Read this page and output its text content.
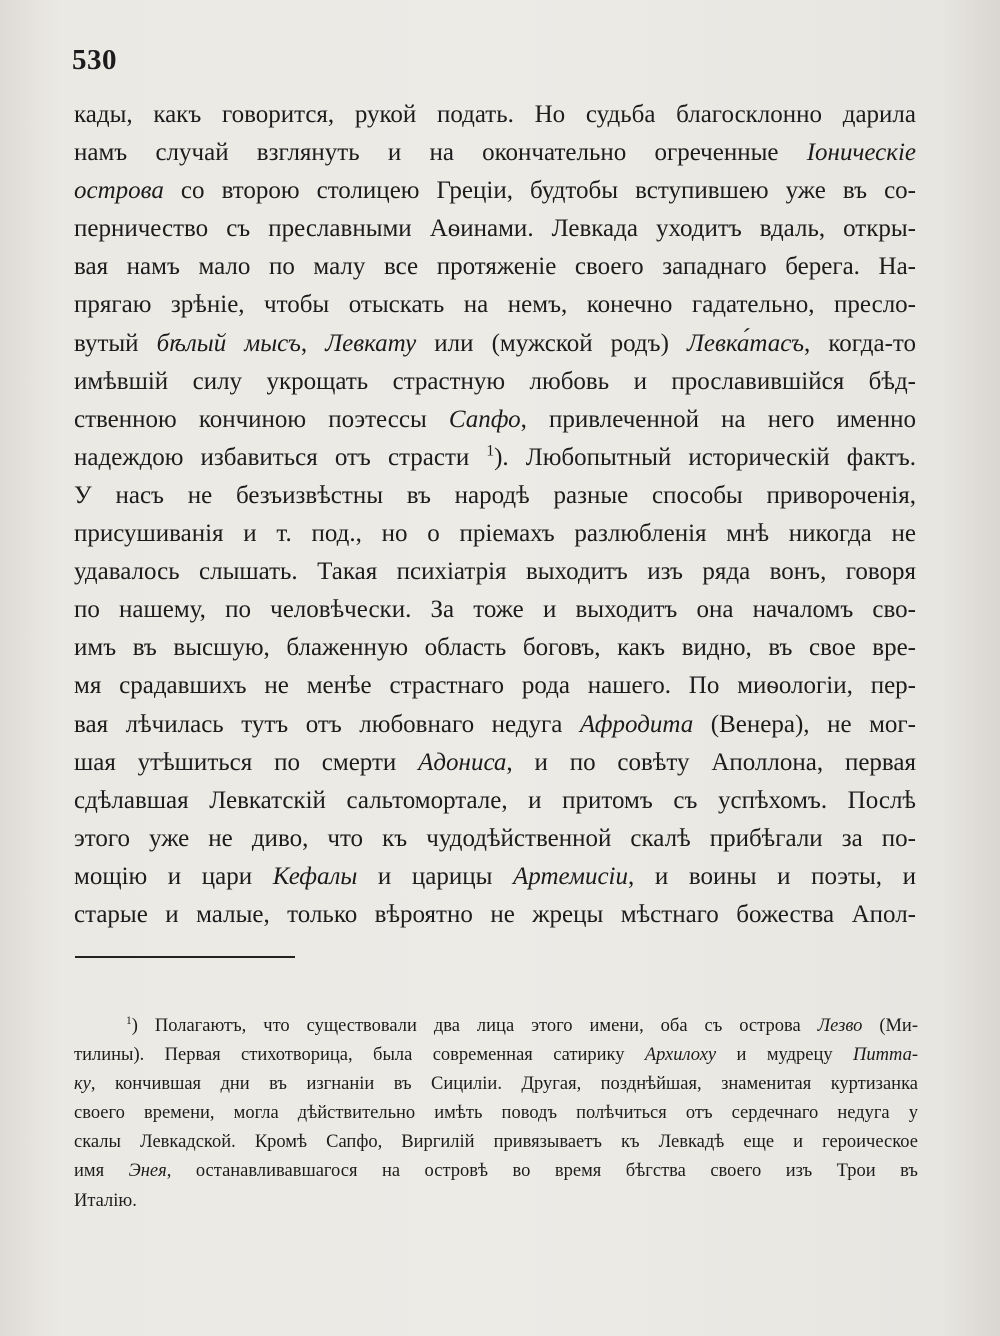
530
кады, какъ говорится, рукой подать. Но судьба благосклонно дарила
намъ случай взглянуть и на окончательно огреченные Іоническіе
острова со второю столицею Греціи, будтобы вступившею уже въ со-
перничество съ преславными Аѳинами. Левкада уходитъ вдаль, откры-
вая намъ мало по малу все протяженіе своего западнаго берега. На-
прягаю зрѣніе, чтобы отыскать на немъ, конечно гадательно, пресло-
вутый бѣлый мысъ, Левкату или (мужской родъ) Левка́тасъ, когда-то
имѣвшій силу укрощать страстную любовь и прославившійся бѣд-
ственною кончиною поэтессы Сапфо, привлеченной на него именно
надеждою избавиться отъ страсти $^1$). Любопытный историческій фактъ.
У насъ не безъизвѣстны въ народѣ разные способы привороченія,
присушиванія и т. под., но о пріемахъ разлюбленія мнѣ никогда не
удавалось слышать. Такая психіатрія выходитъ изъ ряда вонъ, говоря
по нашему, по человѣчески. За тоже и выходитъ она началомъ сво-
имъ въ высшую, блаженную область боговъ, какъ видно, въ свое вре-
мя срадавшихъ не менѣе страстнаго рода нашего. По миѳологіи, пер-
вая лѣчилась тутъ отъ любовнаго недуга Афродита (Венера), не мог-
шая утѣшиться по смерти Адониса, и по совѣту Аполлона, первая
сдѣлавшая Левкатскій сальтомортале, и притомъ съ успѣхомъ. Послѣ
этого уже не диво, что къ чудодѣйственной скалѣ прибѣгали за по-
мощію и цари Кефалы и царицы Артемисіи, и воины и поэты, и
старые и малые, только вѣроятно не жрецы мѣстнаго божества Апол-
$^1$) Полагаютъ, что существовали два лица этого имени, оба съ острова Лезво (Ми-
тилины). Первая стихотворица, была современная сатирику Архилоху и мудрецу Питта-
ку, кончившая дни въ изгнаніи въ Сициліи. Другая, позднѣйшая, знаменитая куртизанка
своего времени, могла дѣйствительно имѣть поводъ полѣчиться отъ сердечнаго недуга у
скалы Левкадской. Кромѣ Сапфо, Виргилій привязываетъ къ Левкадѣ еще и героическое
имя Энея, останавливавшагося на островѣ во время бѣгства своего изъ Трои въ
Италію.
